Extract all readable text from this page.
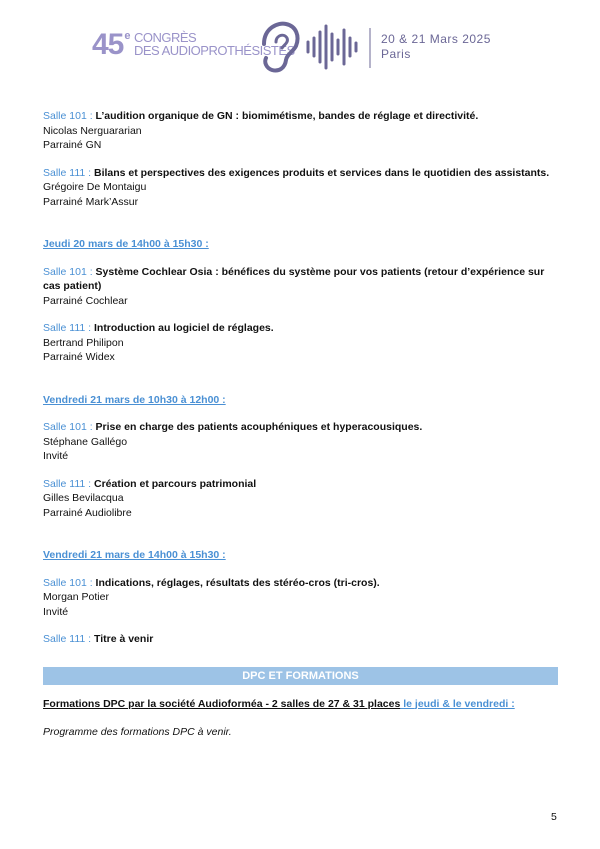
45e CONGRÈS
DES AUDIOPROTHÉSISTES
20 & 21 Mars 2025
Paris

Salle 101 : L’audition organique de GN : biomimétisme, bandes de réglage et directivité.

Nicolas Nerguararian

Parrainé GN

Salle 111 : Bilans et perspectives des exigences produits et services dans le quotidien des assistants.

Grégoire De Montaigu

Parrainé Mark’Assur

Jeudi 20 mars de 14h00 à 15h30 :

Salle 101 : Système Cochlear Osia : bénéfices du système pour vos patients (retour d’expérience sur cas patient)

Parrainé Cochlear

Salle 111 : Introduction au logiciel de réglages.

Bertrand Philipon

Parrainé Widex

Vendredi 21 mars de 10h30 à 12h00 :

Salle 101 : Prise en charge des patients acouphéniques et hyperacousiques.

Stéphane Gallégo

Invité

Salle 111 : Création et parcours patrimonial

Gilles Bevilacqua

Parrainé Audiolibre

Vendredi 21 mars de 14h00 à 15h30 :

Salle 101 : Indications, réglages, résultats des stéréo-cros (tri-cros).

Morgan Potier

Invité

Salle 111 : Titre à venir

DPC ET FORMATIONS

Formations DPC par la société Audioforméa - 2 salles de 27 & 31 places le jeudi & le vendredi :

Programme des formations DPC à venir.

5
